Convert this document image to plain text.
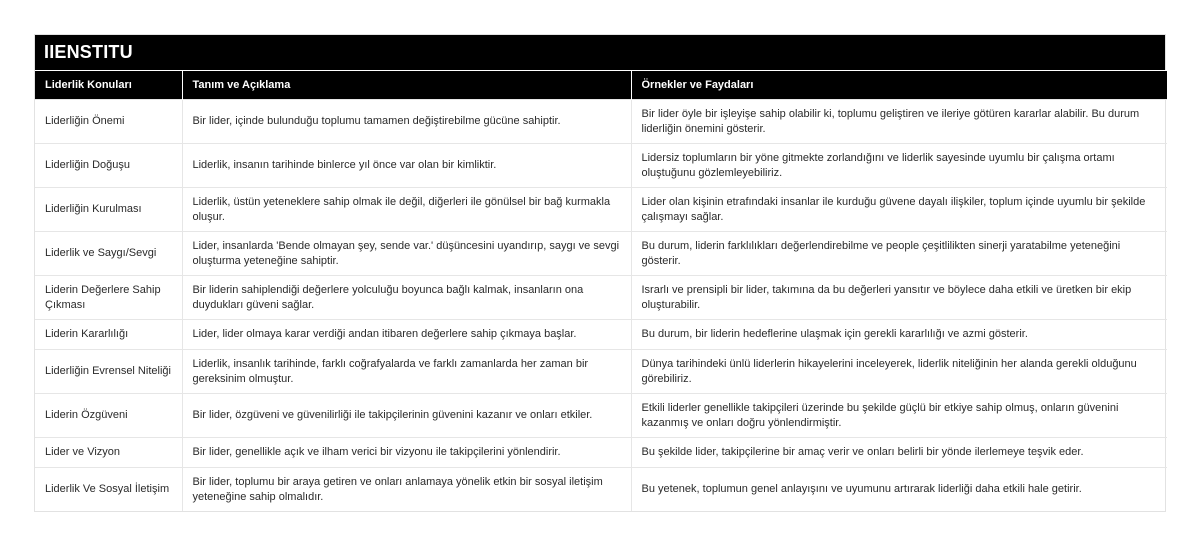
IIENSTITU
Liderlik Konuları	Tanım ve Açıklama	Örnekler ve Faydaları
Liderliğin Önemi	Bir lider, içinde bulunduğu toplumu tamamen değiştirebilme gücüne sahiptir.	Bir lider öyle bir işleyişe sahip olabilir ki, toplumu geliştiren ve ileriye götüren kararlar alabilir. Bu durum liderliğin önemini gösterir.
Liderliğin Doğuşu	Liderlik, insanın tarihinde binlerce yıl önce var olan bir kimliktir.	Lidersiz toplumların bir yöne gitmekte zorlandığını ve liderlik sayesinde uyumlu bir çalışma ortamı oluştuğunu gözlemleyebiliriz.
Liderliğin Kurulması	Liderlik, üstün yeteneklere sahip olmak ile değil, diğerleri ile gönülsel bir bağ kurmakla oluşur.	Lider olan kişinin etrafındaki insanlar ile kurduğu güvene dayalı ilişkiler, toplum içinde uyumlu bir şekilde çalışmayı sağlar.
Liderlik ve Saygı/Sevgi	Lider, insanlarda 'Bende olmayan şey, sende var.' düşüncesini uyandırıp, saygı ve sevgi oluşturma yeteneğine sahiptir.	Bu durum, liderin farklılıkları değerlendirebilme ve people çeşitlilikten sinerji yaratabilme yeteneğini gösterir.
Liderin Değerlere Sahip Çıkması	Bir liderin sahiplendiği değerlere yolculuğu boyunca bağlı kalmak, insanların ona duydukları güveni sağlar.	Israrlı ve prensipli bir lider, takımına da bu değerleri yansıtır ve böylece daha etkili ve üretken bir ekip oluşturabilir.
Liderin Kararlılığı	Lider, lider olmaya karar verdiği andan itibaren değerlere sahip çıkmaya başlar.	Bu durum, bir liderin hedeflerine ulaşmak için gerekli kararlılığı ve azmi gösterir.
Liderliğin Evrensel Niteliği	Liderlik, insanlık tarihinde, farklı coğrafyalarda ve farklı zamanlarda her zaman bir gereksinim olmuştur.	Dünya tarihindeki ünlü liderlerin hikayelerini inceleyerek, liderlik niteliğinin her alanda gerekli olduğunu görebiliriz.
Liderin Özgüveni	Bir lider, özgüveni ve güvenilirliği ile takipçilerinin güvenini kazanır ve onları etkiler.	Etkili liderler genellikle takipçileri üzerinde bu şekilde güçlü bir etkiye sahip olmuş, onların güvenini kazanmış ve onları doğru yönlendirmiştir.
Lider ve Vizyon	Bir lider, genellikle açık ve ilham verici bir vizyonu ile takipçilerini yönlendirir.	Bu şekilde lider, takipçilerine bir amaç verir ve onları belirli bir yönde ilerlemeye teşvik eder.
Liderlik Ve Sosyal İletişim	Bir lider, toplumu bir araya getiren ve onları anlamaya yönelik etkin bir sosyal iletişim yeteneğine sahip olmalıdır.	Bu yetenek, toplumun genel anlayışını ve uyumunu artırarak liderliği daha etkili hale getirir.
